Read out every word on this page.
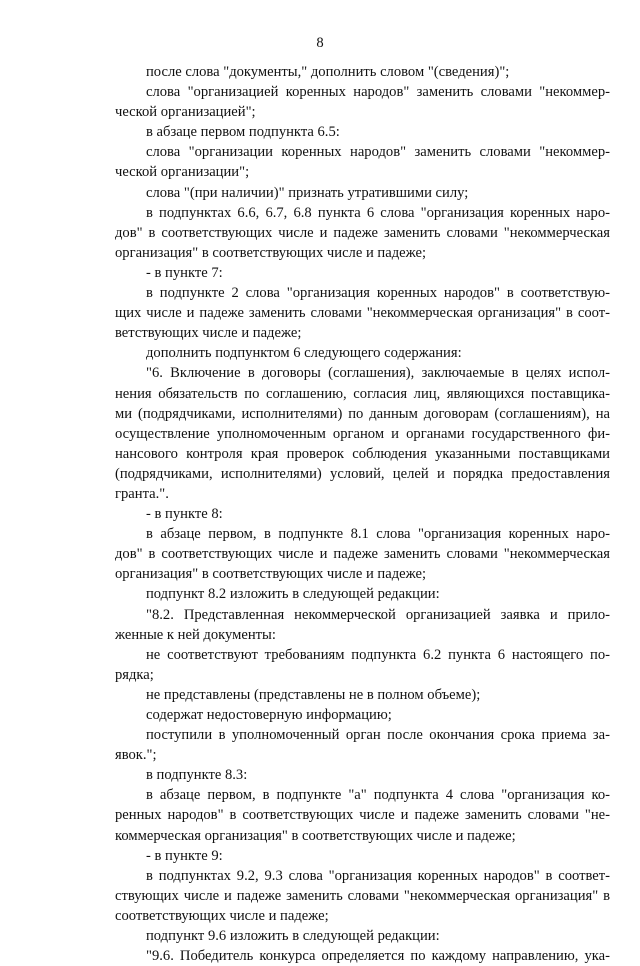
8
после слова "документы," дополнить словом "(сведения)";
слова "организацией коренных народов" заменить словами "некоммер-
ческой организацией";
в абзаце первом подпункта 6.5:
слова "организации коренных народов" заменить словами "некоммер-
ческой организации";
слова "(при наличии)" признать утратившими силу;
в подпунктах 6.6, 6.7, 6.8 пункта 6 слова "организация коренных наро-
дов" в соответствующих числе и падеже заменить словами "некоммерческая
организация" в соответствующих числе и падеже;
- в пункте 7:
в подпункте 2 слова "организация коренных народов" в соответствую-
щих числе и падеже заменить словами "некоммерческая организация" в соот-
ветствующих числе и падеже;
дополнить подпунктом 6 следующего содержания:
"6. Включение в договоры (соглашения), заключаемые в целях испол-
нения обязательств по соглашению, согласия лиц, являющихся поставщика-
ми (подрядчиками, исполнителями) по данным договорам (соглашениям), на
осуществление уполномоченным органом и органами государственного фи-
нансового контроля края проверок соблюдения указанными поставщиками
(подрядчиками, исполнителями) условий, целей и порядка предоставления
гранта.".
- в пункте 8:
в абзаце первом, в подпункте 8.1 слова "организация коренных наро-
дов" в соответствующих числе и падеже заменить словами "некоммерческая
организация" в соответствующих числе и падеже;
подпункт 8.2 изложить в следующей редакции:
"8.2. Представленная некоммерческой организацией заявка и прило-
женные к ней документы:
не соответствуют требованиям подпункта 6.2 пункта 6 настоящего по-
рядка;
не представлены (представлены не в полном объеме);
содержат недостоверную информацию;
поступили в уполномоченный орган после окончания срока приема за-
явок.";
в подпункте 8.3:
в абзаце первом, в подпункте "а" подпункта 4 слова "организация ко-
ренных народов" в соответствующих числе и падеже заменить словами "не-
коммерческая организация" в соответствующих числе и падеже;
- в пункте 9:
в подпунктах 9.2, 9.3 слова "организация коренных народов" в соответ-
ствующих числе и падеже заменить словами "некоммерческая организация" в
соответствующих числе и падеже;
подпункт 9.6 изложить в следующей редакции:
"9.6. Победитель конкурса определяется по каждому направлению, ука-
